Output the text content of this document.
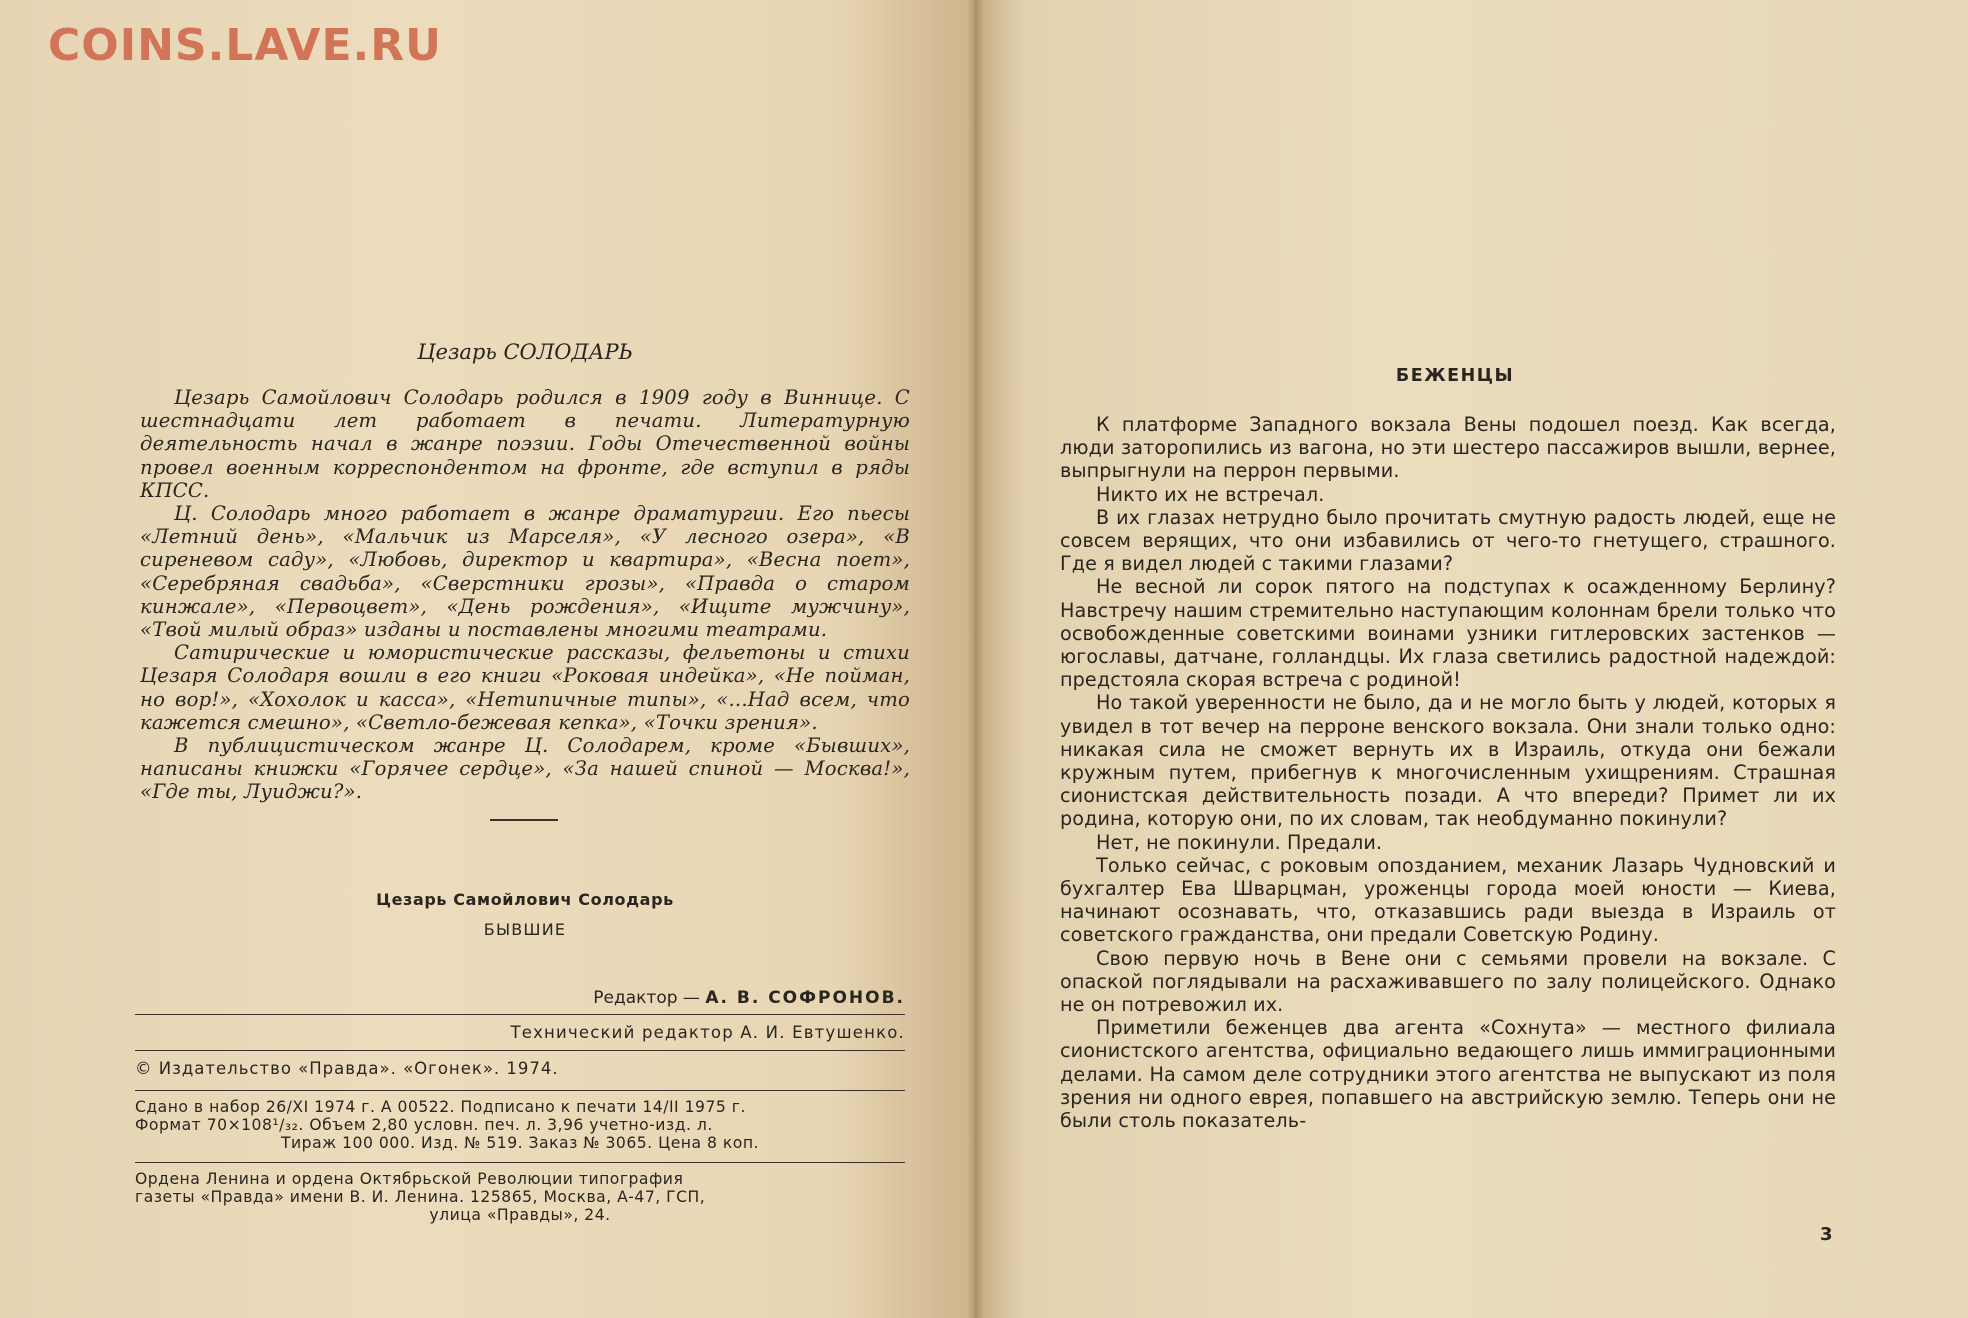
COINS.LAVE.RU
Цезарь СОЛОДАРЬ

Цезарь Самойлович Солодарь родился в 1909 году в Виннице. С шестнадцати лет работает в печати. Литературную деятельность начал в жанре поэзии. Годы Отечественной войны провел военным корреспондентом на фронте, где вступил в ряды КПСС.

Ц. Солодарь много работает в жанре драматургии. Его пьесы «Летний день», «Мальчик из Марселя», «У лесного озера», «В сиреневом саду», «Любовь, директор и квартира», «Весна поет», «Серебряная свадьба», «Сверстники грозы», «Правда о старом кинжале», «Первоцвет», «День рождения», «Ищите мужчину», «Твой милый образ» изданы и поставлены многими театрами.

Сатирические и юмористические рассказы, фельетоны и стихи Цезаря Солодаря вошли в его книги «Роковая индейка», «Не пойман, но вор!», «Хохолок и касса», «Нетипичные типы», «...Над всем, что кажется смешно», «Светло-бежевая кепка», «Точки зрения».

В публицистическом жанре Ц. Солодарем, кроме «Бывших», написаны книжки «Горячее сердце», «За нашей спиной — Москва!», «Где ты, Луиджи?».

Цезарь Самойлович Солодарь
БЫВШИЕ
Редактор — А. В. СОФРОНОВ.
Технический редактор А. И. Евтушенко.
© Издательство «Правда». «Огонек». 1974.
Сдано в набор 26/XI 1974 г. А 00522. Подписано к печати 14/II 1975 г.
Формат 70×108¹/₃₂. Объем 2,80 условн. печ. л. 3,96 учетно-изд. л.
Тираж 100 000. Изд. № 519. Заказ № 3065. Цена 8 коп.
Ордена Ленина и ордена Октябрьской Революции типография
газеты «Правда» имени В. И. Ленина. 125865, Москва, А-47, ГСП,
улица «Правды», 24.
БЕЖЕНЦЫ

К платформе Западного вокзала Вены подошел поезд. Как всегда, люди заторопились из вагона, но эти шестеро пассажиров вышли, вернее, выпрыгнули на перрон первыми.

Никто их не встречал.

В их глазах нетрудно было прочитать смутную радость людей, еще не совсем верящих, что они избавились от чего-то гнетущего, страшного. Где я видел людей с такими глазами?

Не весной ли сорок пятого на подступах к осажденному Берлину? Навстречу нашим стремительно наступающим колоннам брели только что освобожденные советскими воинами узники гитлеровских застенков — югославы, датчане, голландцы. Их глаза светились радостной надеждой: предстояла скорая встреча с родиной!

Но такой уверенности не было, да и не могло быть у людей, которых я увидел в тот вечер на перроне венского вокзала. Они знали только одно: никакая сила не сможет вернуть их в Израиль, откуда они бежали кружным путем, прибегнув к многочисленным ухищрениям. Страшная сионистская действительность позади. А что впереди? Примет ли их родина, которую они, по их словам, так необдуманно покинули?

Нет, не покинули. Предали.

Только сейчас, с роковым опозданием, механик Лазарь Чудновский и бухгалтер Ева Шварцман, уроженцы города моей юности — Киева, начинают осознавать, что, отказавшись ради выезда в Израиль от советского гражданства, они предали Советскую Родину.

Свою первую ночь в Вене они с семьями провели на вокзале. С опаской поглядывали на расхаживавшего по залу полицейского. Однако не он потревожил их.

Приметили беженцев два агента «Сохнута» — местного филиала сионистского агентства, официально ведающего лишь иммиграционными делами. На самом деле сотрудники этого агентства не выпускают из поля зрения ни одного еврея, попавшего на австрийскую землю. Теперь они не были столь показатель-

3
